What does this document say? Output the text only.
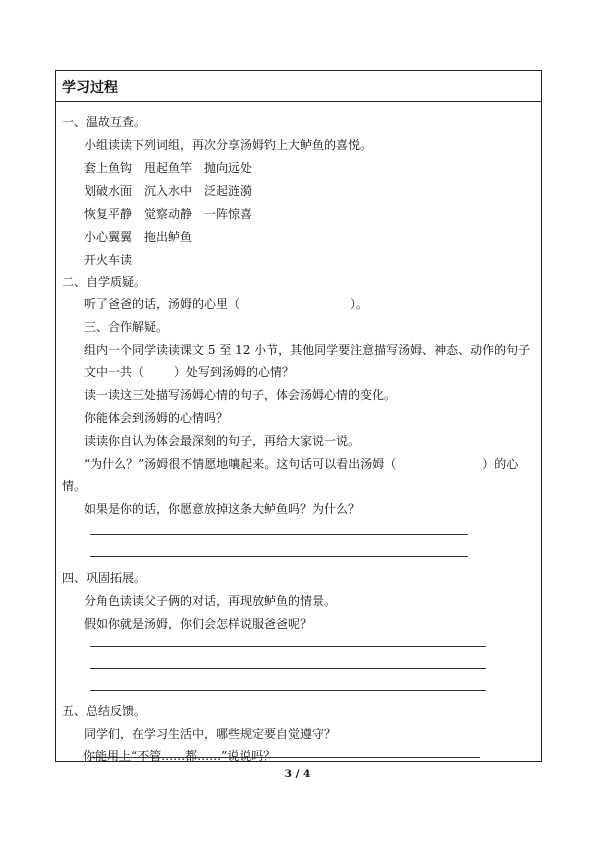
学习过程
一、温故互查。
小组读读下列词组，再次分享汤姆钓上大鲈鱼的喜悦。
套上鱼钩 甩起鱼竿 抛向远处
划破水面 沉入水中 泛起涟漪
恢复平静 觉察动静 一阵惊喜
小心翼翼 拖出鲈鱼
开火车读
二、自学质疑。
听了爸爸的话，汤姆的心里（	）。
三、合作解疑。
组内一个同学读读课文 5 至 12 小节，其他同学要注意描写汤姆、神态、动作的句子
文中一共（	）处写到汤姆的心情？
读一读这三处描写汤姆心情的句子，体会汤姆心情的变化。
你能体会到汤姆的心情吗？
读读你自认为体会最深刻的句子，再给大家说一说。
“为什么？”汤姆很不情愿地嚷起来。这句话可以看出汤姆（	）的心
情。
如果是你的话，你愿意放掉这条大鲈鱼吗？为什么？
四、巩固拓展。
分角色读读父子俩的对话，再现放鲈鱼的情景。
假如你就是汤姆，你们会怎样说服爸爸呢？
五、总结反馈。
同学们，在学习生活中，哪些规定要自觉遵守？
你能用上“不管……都……”说说吗？
3 / 4
